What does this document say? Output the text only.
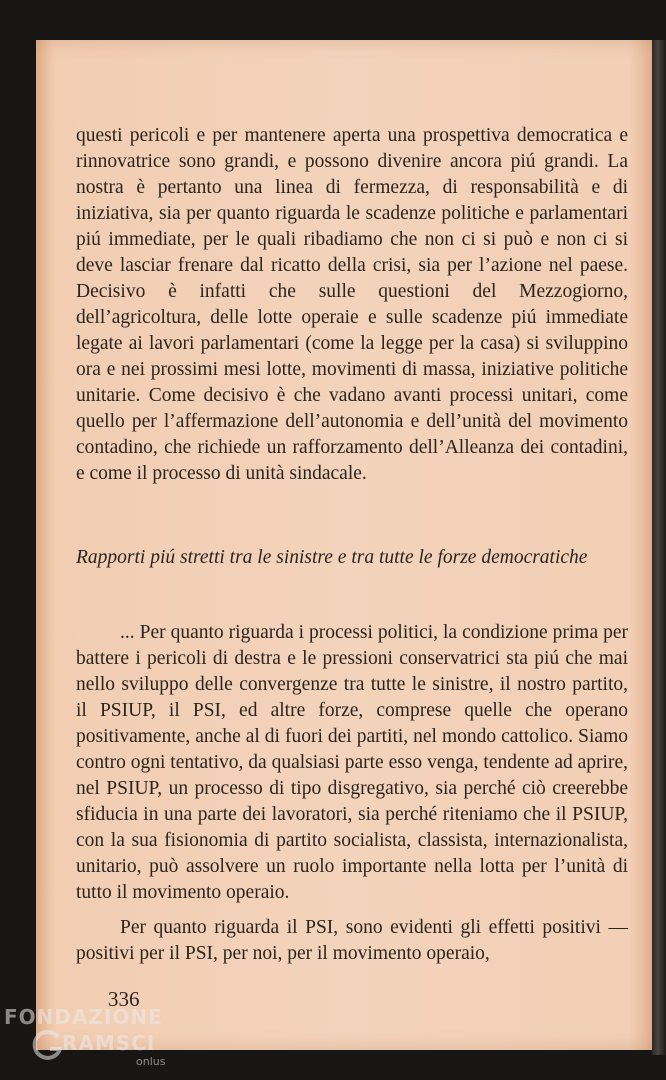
questi pericoli e per mantenere aperta una prospettiva democratica e rinnovatrice sono grandi, e possono divenire ancora piú grandi. La nostra è pertanto una linea di fermezza, di responsabilità e di iniziativa, sia per quanto riguarda le scadenze politiche e parlamentari piú immediate, per le quali ribadiamo che non ci si può e non ci si deve lasciar frenare dal ricatto della crisi, sia per l’azione nel paese. Decisivo è infatti che sulle questioni del Mezzogiorno, dell’agricoltura, delle lotte operaie e sulle scadenze piú immediate legate ai lavori parlamentari (come la legge per la casa) si sviluppino ora e nei prossimi mesi lotte, movimenti di massa, iniziative politiche unitarie. Come decisivo è che vadano avanti processi unitari, come quello per l’affermazione dell’autonomia e dell’unità del movimento contadino, che richiede un rafforzamento dell’Alleanza dei contadini, e come il processo di unità sindacale.

Rapporti piú stretti tra le sinistre e tra tutte le forze democratiche

... Per quanto riguarda i processi politici, la condizione prima per battere i pericoli di destra e le pressioni conservatrici sta piú che mai nello sviluppo delle convergenze tra tutte le sinistre, il nostro partito, il PSIUP, il PSI, ed altre forze, comprese quelle che operano positivamente, anche al di fuori dei partiti, nel mondo cattolico. Siamo contro ogni tentativo, da qualsiasi parte esso venga, tendente ad aprire, nel PSIUP, un processo di tipo disgregativo, sia perché ciò creerebbe sfiducia in una parte dei lavoratori, sia perché riteniamo che il PSIUP, con la sua fisionomia di partito socialista, classista, internazionalista, unitario, può assolvere un ruolo importante nella lotta per l’unità di tutto il movimento operaio.

Per quanto riguarda il PSI, sono evidenti gli effetti positivi — positivi per il PSI, per noi, per il movimento operaio,

336
FONDAZIONE
RAMSCI
onlus
